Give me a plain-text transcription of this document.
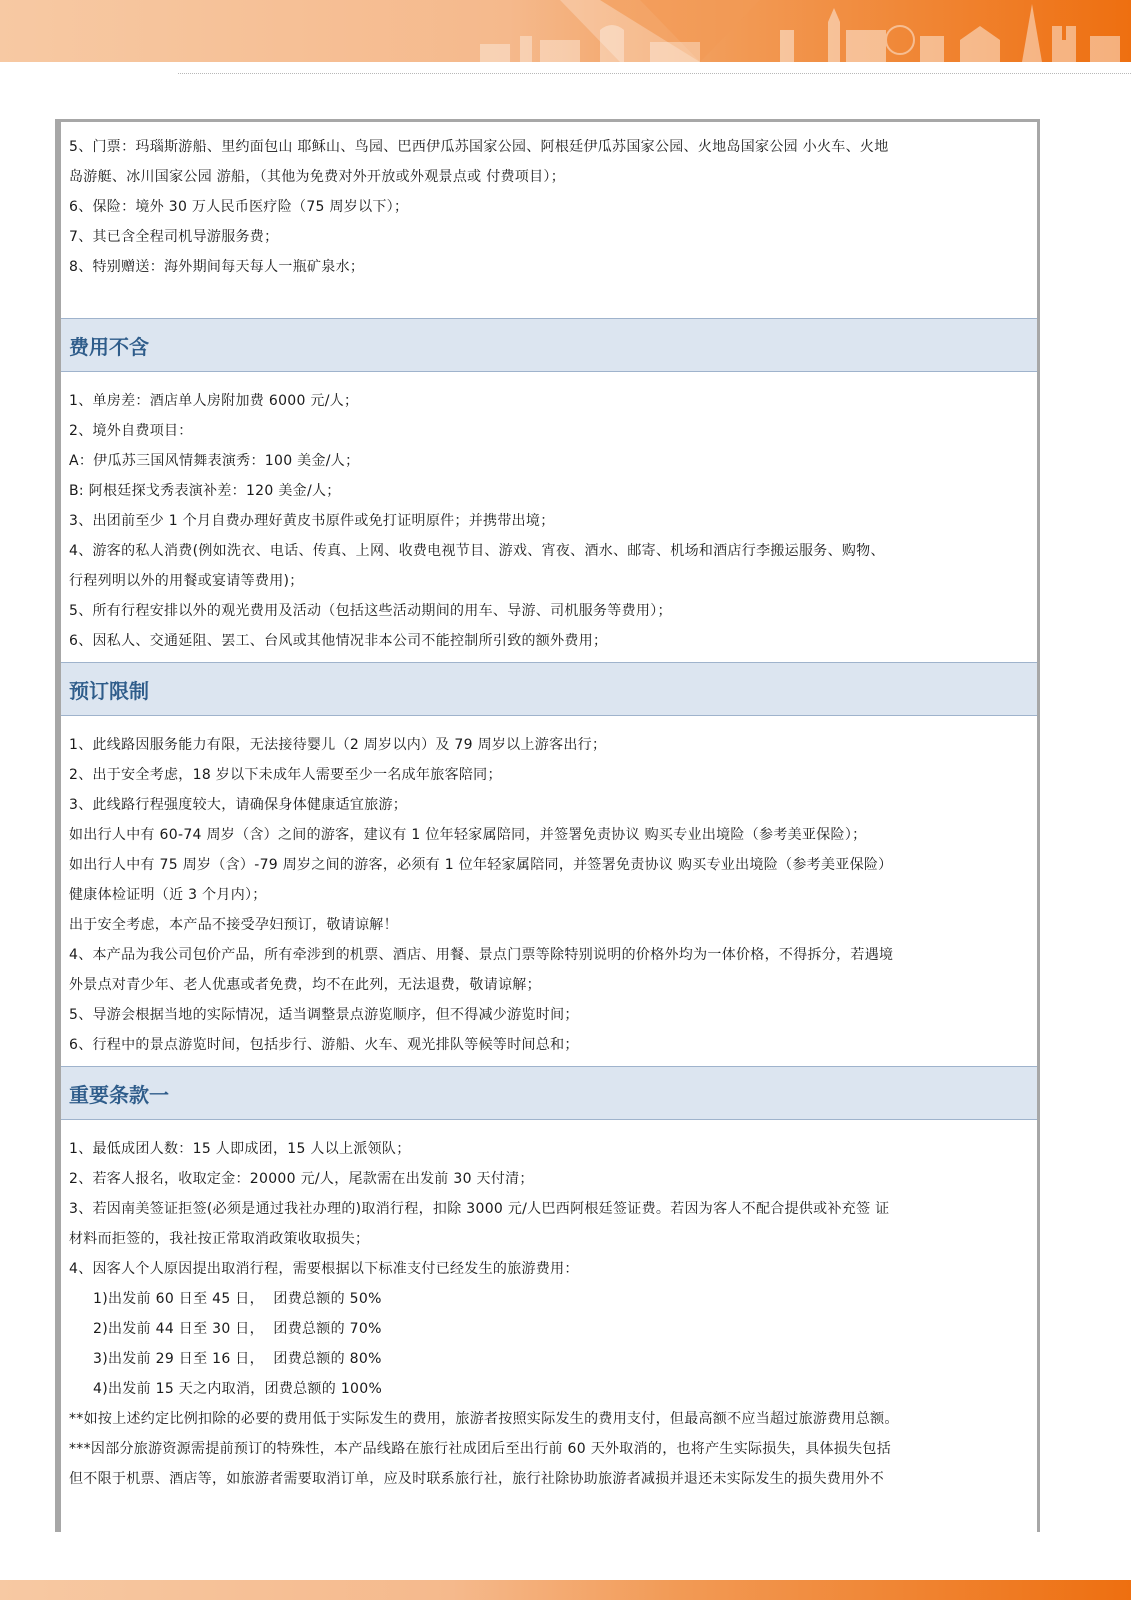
5、门票：玛瑙斯游船、里约面包山 耶稣山、鸟园、巴西伊瓜苏国家公园、阿根廷伊瓜苏国家公园、火地岛国家公园 小火车、火地

岛游艇、冰川国家公园 游船，（其他为免费对外开放或外观景点或 付费项目）；

6、保险：境外 30 万人民币医疗险（75 周岁以下）；

7、其已含全程司机导游服务费；

8、特别赠送：海外期间每天每人一瓶矿泉水；

费用不含

1、单房差：酒店单人房附加费 6000 元/人；

2、境外自费项目：

A：伊瓜苏三国风情舞表演秀：100 美金/人；

B: 阿根廷探戈秀表演补差：120 美金/人；

3、出团前至少 1 个月自费办理好黄皮书原件或免打证明原件；并携带出境；

4、游客的私人消费(例如洗衣、电话、传真、上网、收费电视节目、游戏、宵夜、酒水、邮寄、机场和酒店行李搬运服务、购物、

行程列明以外的用餐或宴请等费用)；

5、所有行程安排以外的观光费用及活动（包括这些活动期间的用车、导游、司机服务等费用）；

6、因私人、交通延阻、罢工、台风或其他情况非本公司不能控制所引致的额外费用；

预订限制

1、此线路因服务能力有限，无法接待婴儿（2 周岁以内）及 79 周岁以上游客出行；

2、出于安全考虑，18 岁以下未成年人需要至少一名成年旅客陪同；

3、此线路行程强度较大，请确保身体健康适宜旅游；

如出行人中有 60-74 周岁（含）之间的游客，建议有 1 位年轻家属陪同，并签署免责协议 购买专业出境险（参考美亚保险）；

如出行人中有 75 周岁（含）-79 周岁之间的游客，必须有 1 位年轻家属陪同，并签署免责协议 购买专业出境险（参考美亚保险）

健康体检证明（近 3 个月内）；

出于安全考虑，本产品不接受孕妇预订，敬请谅解！

4、本产品为我公司包价产品，所有牵涉到的机票、酒店、用餐、景点门票等除特别说明的价格外均为一体价格，不得拆分，若遇境

外景点对青少年、老人优惠或者免费，均不在此列，无法退费，敬请谅解；

5、导游会根据当地的实际情况，适当调整景点游览顺序，但不得减少游览时间；

6、行程中的景点游览时间，包括步行、游船、火车、观光排队等候等时间总和；

重要条款一

1、最低成团人数：15 人即成团，15 人以上派领队；

2、若客人报名，收取定金：20000 元/人，尾款需在出发前 30 天付清；

3、若因南美签证拒签(必须是通过我社办理的)取消行程，扣除 3000 元/人巴西阿根廷签证费。若因为客人不配合提供或补充签 证

材料而拒签的，我社按正常取消政策收取损失；

4、因客人个人原因提出取消行程，需要根据以下标准支付已经发生的旅游费用：

1)出发前 60 日至 45 日，  团费总额的 50%

2)出发前 44 日至 30 日，  团费总额的 70%

3)出发前 29 日至 16 日，  团费总额的 80%

4)出发前 15 天之内取消，团费总额的 100%

**如按上述约定比例扣除的必要的费用低于实际发生的费用，旅游者按照实际发生的费用支付，但最高额不应当超过旅游费用总额。

***因部分旅游资源需提前预订的特殊性，本产品线路在旅行社成团后至出行前 60 天外取消的，也将产生实际损失，具体损失包括

但不限于机票、酒店等，如旅游者需要取消订单，应及时联系旅行社，旅行社除协助旅游者减损并退还未实际发生的损失费用外不
